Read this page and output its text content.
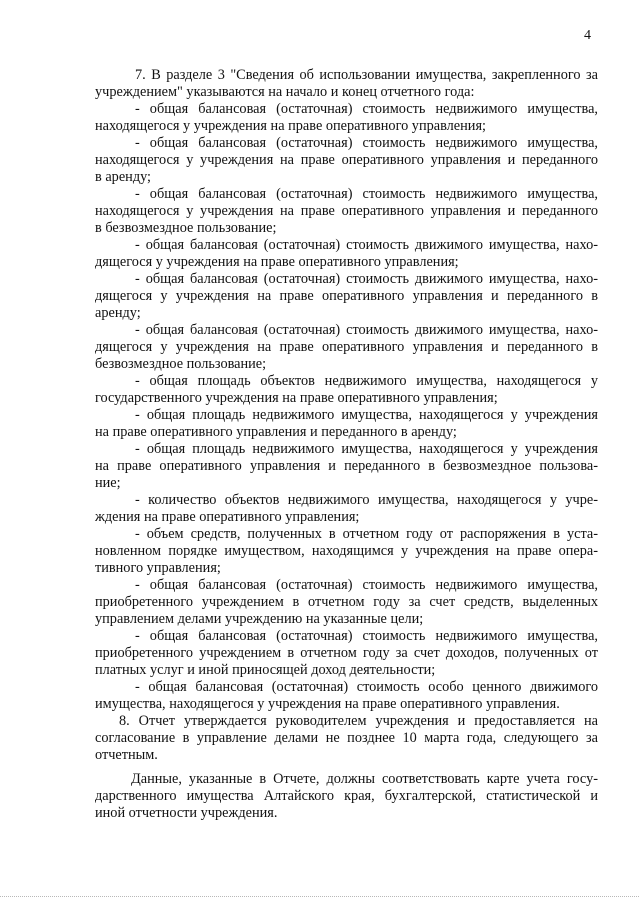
4
7. В разделе 3 "Сведения об использовании имущества, закрепленного за
учреждением" указываются на начало и конец отчетного года:
- общая балансовая (остаточная) стоимость недвижимого имущества,
находящегося у учреждения на праве оперативного управления;
- общая балансовая (остаточная) стоимость недвижимого имущества,
находящегося у учреждения на праве оперативного управления и переданного
в аренду;
- общая балансовая (остаточная) стоимость недвижимого имущества,
находящегося у учреждения на праве оперативного управления и переданного
в безвозмездное пользование;
- общая балансовая (остаточная) стоимость движимого имущества, нахо-
дящегося у учреждения на праве оперативного управления;
- общая балансовая (остаточная) стоимость движимого имущества, нахо-
дящегося у учреждения на праве оперативного управления и переданного в
аренду;
- общая балансовая (остаточная) стоимость движимого имущества, нахо-
дящегося у учреждения на праве оперативного управления и переданного в
безвозмездное пользование;
- общая площадь объектов недвижимого имущества, находящегося у
государственного учреждения на праве оперативного управления;
- общая площадь недвижимого имущества, находящегося у учреждения
на праве оперативного управления и переданного в аренду;
- общая площадь недвижимого имущества, находящегося у учреждения
на праве оперативного управления и переданного в безвозмездное пользова-
ние;
- количество объектов недвижимого имущества, находящегося у учре-
ждения на праве оперативного управления;
- объем средств, полученных в отчетном году от распоряжения в уста-
новленном порядке имуществом, находящимся у учреждения на праве опера-
тивного управления;
- общая балансовая (остаточная) стоимость недвижимого имущества,
приобретенного учреждением в отчетном году за счет средств, выделенных
управлением делами учреждению на указанные цели;
- общая балансовая (остаточная) стоимость недвижимого имущества,
приобретенного учреждением в отчетном году за счет доходов, полученных от
платных услуг и иной приносящей доход деятельности;
- общая балансовая (остаточная) стоимость особо ценного движимого
имущества, находящегося у учреждения на праве оперативного управления.
8. Отчет утверждается руководителем учреждения и предоставляется на
согласование в управление делами не позднее 10 марта года, следующего за
отчетным.
Данные, указанные в Отчете, должны соответствовать карте учета госу-
дарственного имущества Алтайского края, бухгалтерской, статистической и
иной отчетности учреждения.
